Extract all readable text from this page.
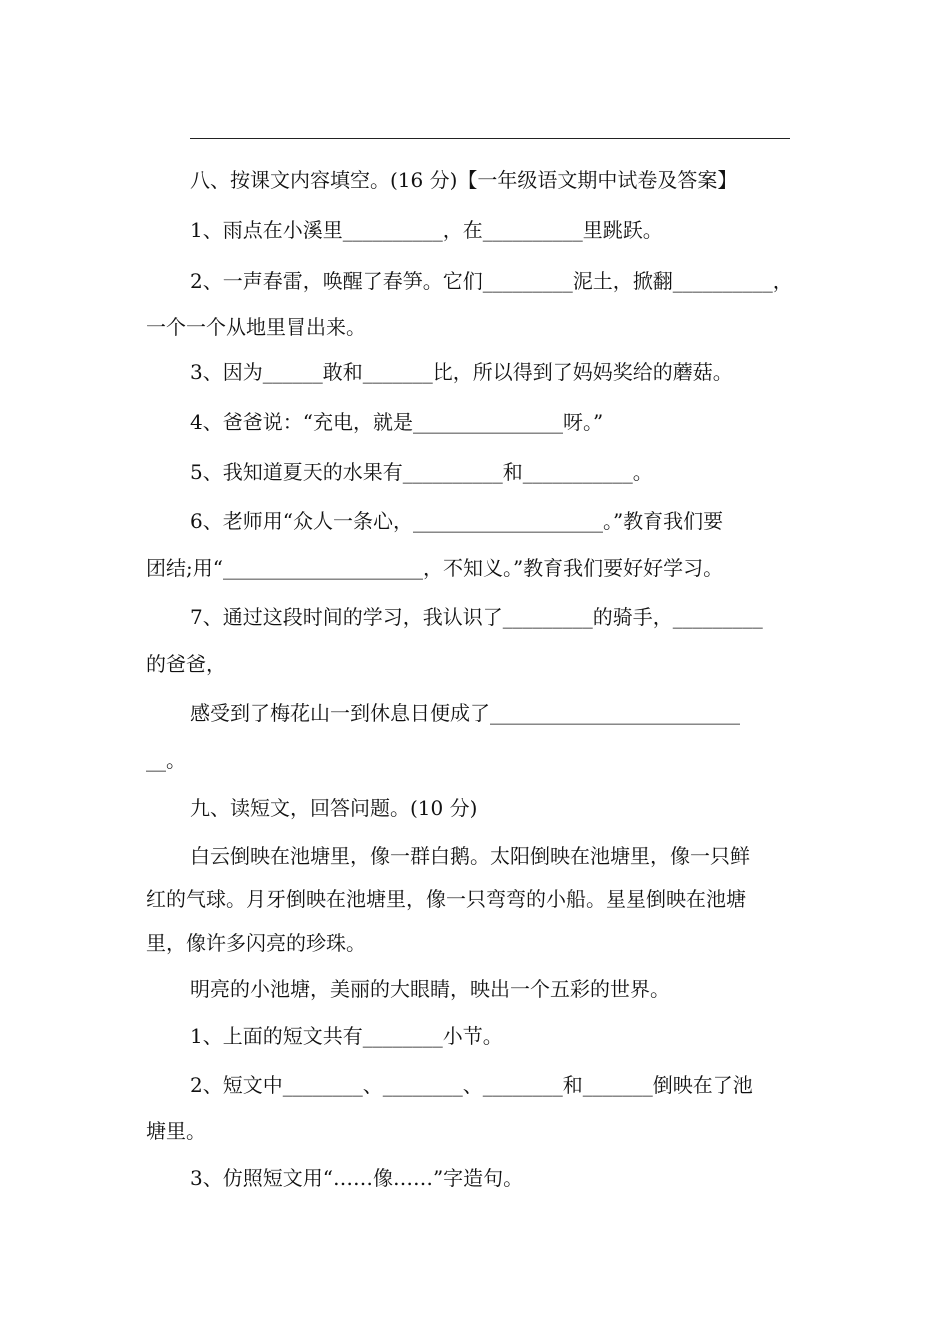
八、按课文内容填空。(16 分)【一年级语文期中试卷及答案】
1、雨点在小溪里__________，在__________里跳跃。
2、一声春雷，唤醒了春笋。它们_________泥土，掀翻__________，
一个一个从地里冒出来。
3、因为______敢和_______比，所以得到了妈妈奖给的蘑菇。
4、爸爸说：“充电，就是_______________呀。”
5、我知道夏天的水果有__________和___________。
6、老师用“众人一条心，___________________。”教育我们要
团结;用“____________________，不知义。”教育我们要好好学习。
7、通过这段时间的学习，我认识了_________的骑手，_________
的爸爸，
感受到了梅花山一到休息日便成了_________________________
__。
九、读短文，回答问题。(10 分)
白云倒映在池塘里，像一群白鹅。太阳倒映在池塘里，像一只鲜
红的气球。月牙倒映在池塘里，像一只弯弯的小船。星星倒映在池塘
里，像许多闪亮的珍珠。
明亮的小池塘，美丽的大眼睛，映出一个五彩的世界。
1、上面的短文共有________小节。
2、短文中________、________、________和_______倒映在了池
塘里。
3、仿照短文用“……像……”字造句。
